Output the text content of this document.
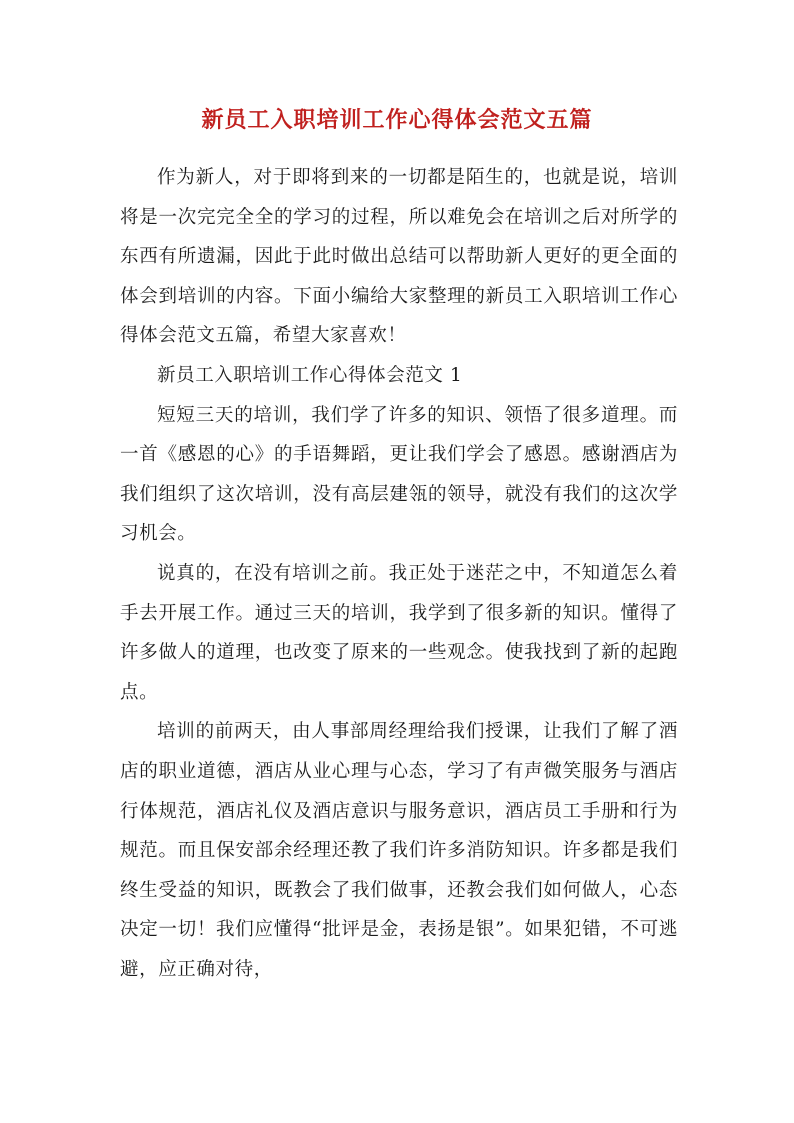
新员工入职培训工作心得体会范文五篇

作为新人，对于即将到来的一切都是陌生的，也就是说，培训将是一次完完全全的学习的过程，所以难免会在培训之后对所学的东西有所遗漏，因此于此时做出总结可以帮助新人更好的更全面的体会到培训的内容。下面小编给大家整理的新员工入职培训工作心得体会范文五篇，希望大家喜欢！

新员工入职培训工作心得体会范文 1

短短三天的培训，我们学了许多的知识、领悟了很多道理。而一首《感恩的心》的手语舞蹈，更让我们学会了感恩。感谢酒店为我们组织了这次培训，没有高层建瓴的领导，就没有我们的这次学习机会。

说真的，在没有培训之前。我正处于迷茫之中，不知道怎么着手去开展工作。通过三天的培训，我学到了很多新的知识。懂得了许多做人的道理，也改变了原来的一些观念。使我找到了新的起跑点。

培训的前两天，由人事部周经理给我们授课，让我们了解了酒店的职业道德，酒店从业心理与心态，学习了有声微笑服务与酒店行体规范，酒店礼仪及酒店意识与服务意识，酒店员工手册和行为规范。而且保安部余经理还教了我们许多消防知识。许多都是我们终生受益的知识，既教会了我们做事，还教会我们如何做人，心态决定一切！我们应懂得“批评是金，表扬是银”。如果犯错，不可逃避，应正确对待，
